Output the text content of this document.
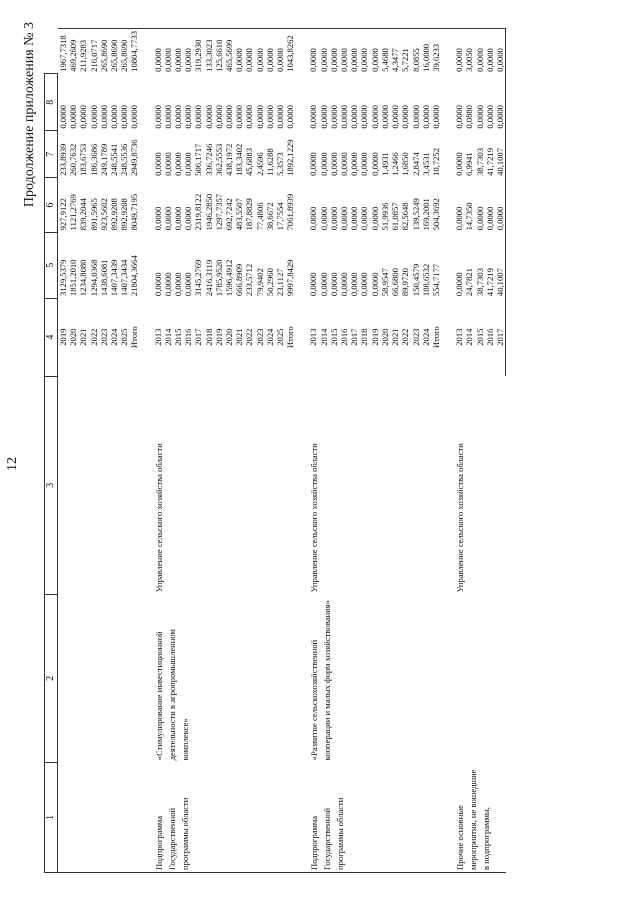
12
Продолжение приложения № 3
1	2	3	4	5	6	7	8	
			2019	3129,5379	927,9122	233,8939	0,0000	1967,7318
			2020	1851,2010	1121,2769	260,7632	0,0000	469,2609
			2021	1234,8080	839,2044	183,6753	0,0000	211,9283
			2022	1294,0368	891,5965	186,3686	0,0000	216,0717
			2023	1438,6081	923,5602	249,1789	0,0000	265,8690
			2024	1407,3439	892,9208	248,5541	0,0000	265,8690
			2025	1407,3434	892,9208	248,5536	0,0000	265,8690
			Итого	21804,3664	8049,7195	2949,8736	0,0000	10804,7733
Подпрограмма Государственной программы области	«Стимулирование инвестиционной деятельности в агропромышленном комплексе»	Управление сельского хозяйства области	2013	0,0000	0,0000	0,0000	0,0000	0,0000
			2014	0,0000	0,0000	0,0000	0,0000	0,0000
			2015	0,0000	0,0000	0,0000	0,0000	0,0000
			2016	0,0000	0,0000	0,0000	0,0000	0,0000
			2017	3145,2769	2319,8122	506,1717	0,0000	319,2930
			2018	2416,3119	1946,2850	336,7246	0,0000	133,3023
			2019	1785,9520	1297,7357	362,5553	0,0000	125,6610
			2020	1596,4912	692,7242	438,1972	0,0000	465,5699
			2021	666,8909	483,5507	183,3402	0,0000	0,0000
			2022	233,5712	187,8829	45,6883	0,0000	0,0000
			2023	79,9402	77,4806	2,4596	0,0000	0,0000
			2024	50,2960	38,6672	11,6288	0,0000	0,0000
			2025	23,1127	17,7554	5,3573	0,0000	0,0000
			Итого	9997,8429	7061,8939	1892,1229	0,0000	1043,8262
Подпрограмма Государственной программы области	«Развитие сельскохозяйственной кооперации и малых форм хозяйствования»	Управление сельского хозяйства области	2013	0,0000	0,0000	0,0000	0,0000	0,0000
			2014	0,0000	0,0000	0,0000	0,0000	0,0000
			2015	0,0000	0,0000	0,0000	0,0000	0,0000
			2016	0,0000	0,0000	0,0000	0,0000	0,0000
			2017	0,0000	0,0000	0,0000	0,0000	0,0000
			2018	0,0000	0,0000	0,0000	0,0000	0,0000
			2019	0,0000	0,0000	0,0000	0,0000	0,0000
			2020	58,9547	51,9936	1,4931	0,0000	5,4680
			2021	66,6800	61,0857	1,2466	0,0000	4,3477
			2022	89,9720	82,5648	1,6850	0,0000	5,7221
			2023	150,4579	139,5249	2,8474	0,0000	8,0855
			2024	188,6532	169,2001	3,4531	0,0000	16,0000
			Итого	554,7177	504,3692	10,7252	0,0000	39,6233
Прочие основные мероприятия, не вошедшие в подпрограммы,		Управление сельского хозяйства области	2013	0,0000	0,0000	0,0000	0,0000	0,0000
			2014	24,7821	14,7350	6,9941	0,0880	3,0050
			2015	38,7303	0,0000	38,7303	0,0000	0,0000
			2016	41,7219	0,0000	41,7219	0,0000	0,0000
			2017	40,1007	0,0000	40,1007	0,0000	0,0000
